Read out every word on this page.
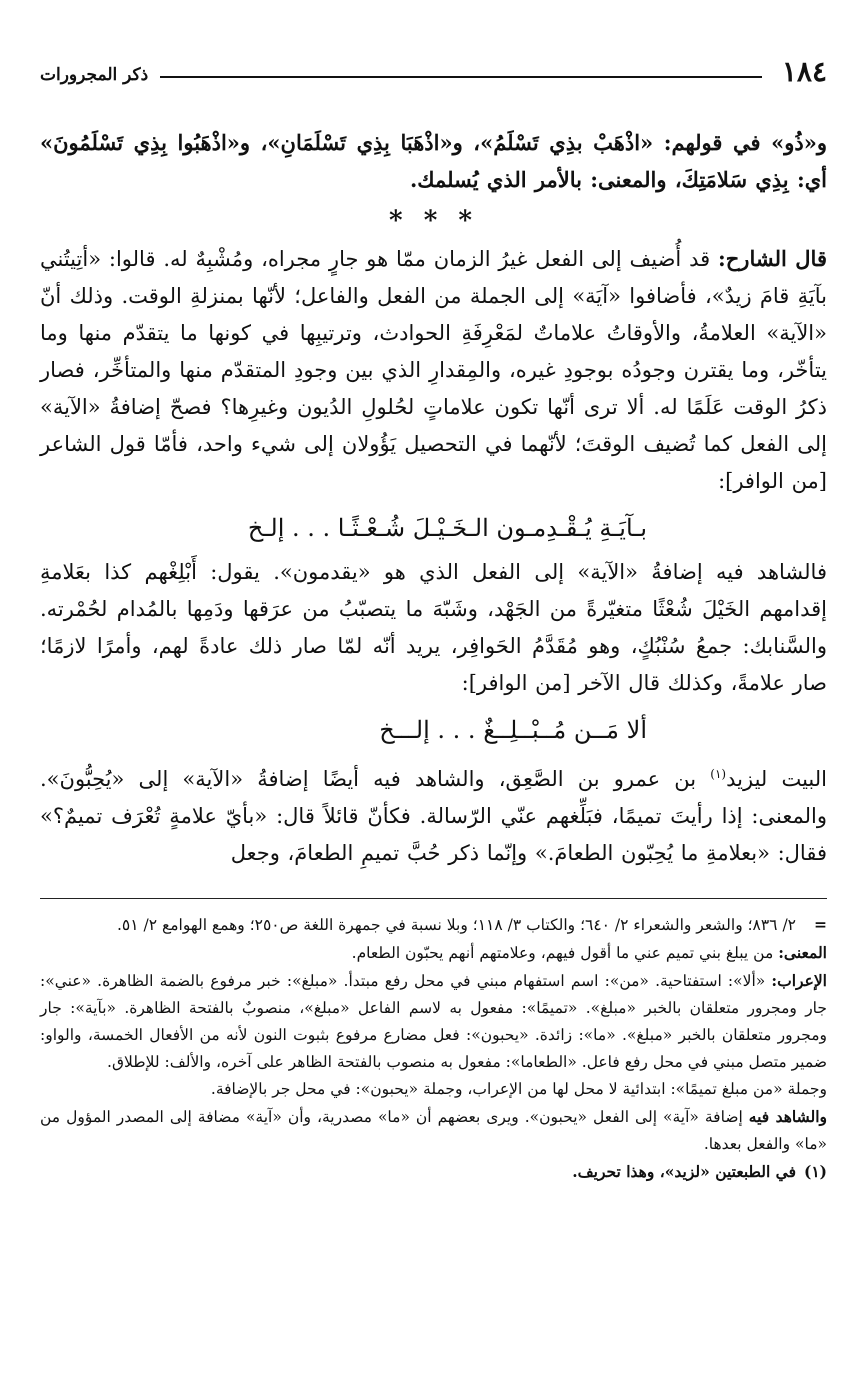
١٨٤
ذكر المجرورات

و«ذُو» في قولهم: «اذْهَبْ بذِي تَسْلَمُ»، و«اذْهَبَا بِذِي تَسْلَمَانِ»، و«اذْهَبُوا بِذِي تَسْلَمُونَ» أي: بِذِي سَلامَتِكَ، والمعنى: بالأمر الذي يُسلمك.

* * *

قال الشارح: قد أُضيف إلى الفعل غيرُ الزمان ممّا هو جارٍ مجراه، ومُشْبِهٌ له. قالوا: «أتِيتُني بآيَةِ قامَ زيدٌ»، فأضافوا «آيَة» إلى الجملة من الفعل والفاعل؛ لأنّها بمنزلةِ الوقت. وذلك أنّ «الآية» العلامةُ، والأوقاتُ علاماتٌ لمَعْرِفَةِ الحوادث، وترتيبِها في كونها ما يتقدّم منها وما يتأخّر، وما يقترن وجودُه بوجودِ غيره، والمِقدارِ الذي بين وجودِ المتقدّم منها والمتأخِّر، فصار ذكرُ الوقت عَلَمًا له. ألا ترى أنّها تكون علاماتٍ لحُلولِ الدُيون وغيرِها؟ فصحّ إضافةُ «الآية» إلى الفعل كما تُضيف الوقتَ؛ لأنّهما في التحصيل يَؤُولان إلى شيء واحد، فأمّا قول الشاعر [من الوافر]:

بـآيَـةِ يُـقْـدِمـون الـخَـيْـلَ شُـعْـثًـا . . . إلـخ

فالشاهد فيه إضافةُ «الآية» إلى الفعل الذي هو «يقدمون». يقول: أَبْلِغْهم كذا بعَلامةِ إقدامهم الخَيْلَ شُعْثًا متغيّرةً من الجَهْد، وشَبّهَ ما يتصبّبُ من عرَقها ودَمِها بالمُدام لحُمْرته. والسَّنابك: جمعُ سُنْبُكٍ، وهو مُقَدَّمُ الحَوافِر، يريد أنّه لمّا صار ذلك عادةً لهم، وأمرًا لازمًا؛ صار علامةً، وكذلك قال الآخر [من الوافر]:

ألا مَــن مُــبْــلِــغٌ . . . إلـــخ

البيت ليزيد$^{(١)}$ بن عمرو بن الصَّعِق، والشاهد فيه أيضًا إضافةُ «الآية» إلى «يُحِبُّونَ». والمعنى: إذا رأيتَ تميمًا، فبَلِّغهم عنّي الرّسالة. فكأنّ قائلاً قال: «بأيّ علامةٍ تُعْرَف تميمٌ؟» فقال: «بعلامةِ ما يُحِبّون الطعامَ.» وإنّما ذكر حُبَّ تميمِ الطعامَ، وجعل

=٢/ ٨٣٦؛ والشعر والشعراء ٢/ ٦٤٠؛ والكتاب ٣/ ١١٨؛ وبلا نسبة في جمهرة اللغة ص٢٥٠؛ وهمع الهوامع ٢/ ٥١.

المعنى: من يبلغ بني تميم عني ما أقول فيهم، وعلامتهم أنهم يحبّون الطعام.

الإعراب: «ألا»: استفتاحية. «من»: اسم استفهام مبني في محل رفع مبتدأ. «مبلغ»: خبر مرفوع بالضمة الظاهرة. «عني»: جار ومجرور متعلقان بالخبر «مبلغ». «تميمًا»: مفعول به لاسم الفاعل «مبلغ»، منصوبٌ بالفتحة الظاهرة. «بآية»: جار ومجرور متعلقان بالخبر «مبلغ». «ما»: زائدة. «يحبون»: فعل مضارع مرفوع بثبوت النون لأنه من الأفعال الخمسة، والواو: ضمير متصل مبني في محل رفع فاعل. «الطعاما»: مفعول به منصوب بالفتحة الظاهر على آخره، والألف: للإطلاق.

وجملة «من مبلغ تميمًا»: ابتدائية لا محل لها من الإعراب، وجملة «يحبون»: في محل جر بالإضافة.

والشاهد فيه إضافة «آية» إلى الفعل «يحبون». ويرى بعضهم أن «ما» مصدرية، وأن «آية» مضافة إلى المصدر المؤول من «ما» والفعل بعدها.

(١)في الطبعتين «لزيد»، وهذا تحريف.
